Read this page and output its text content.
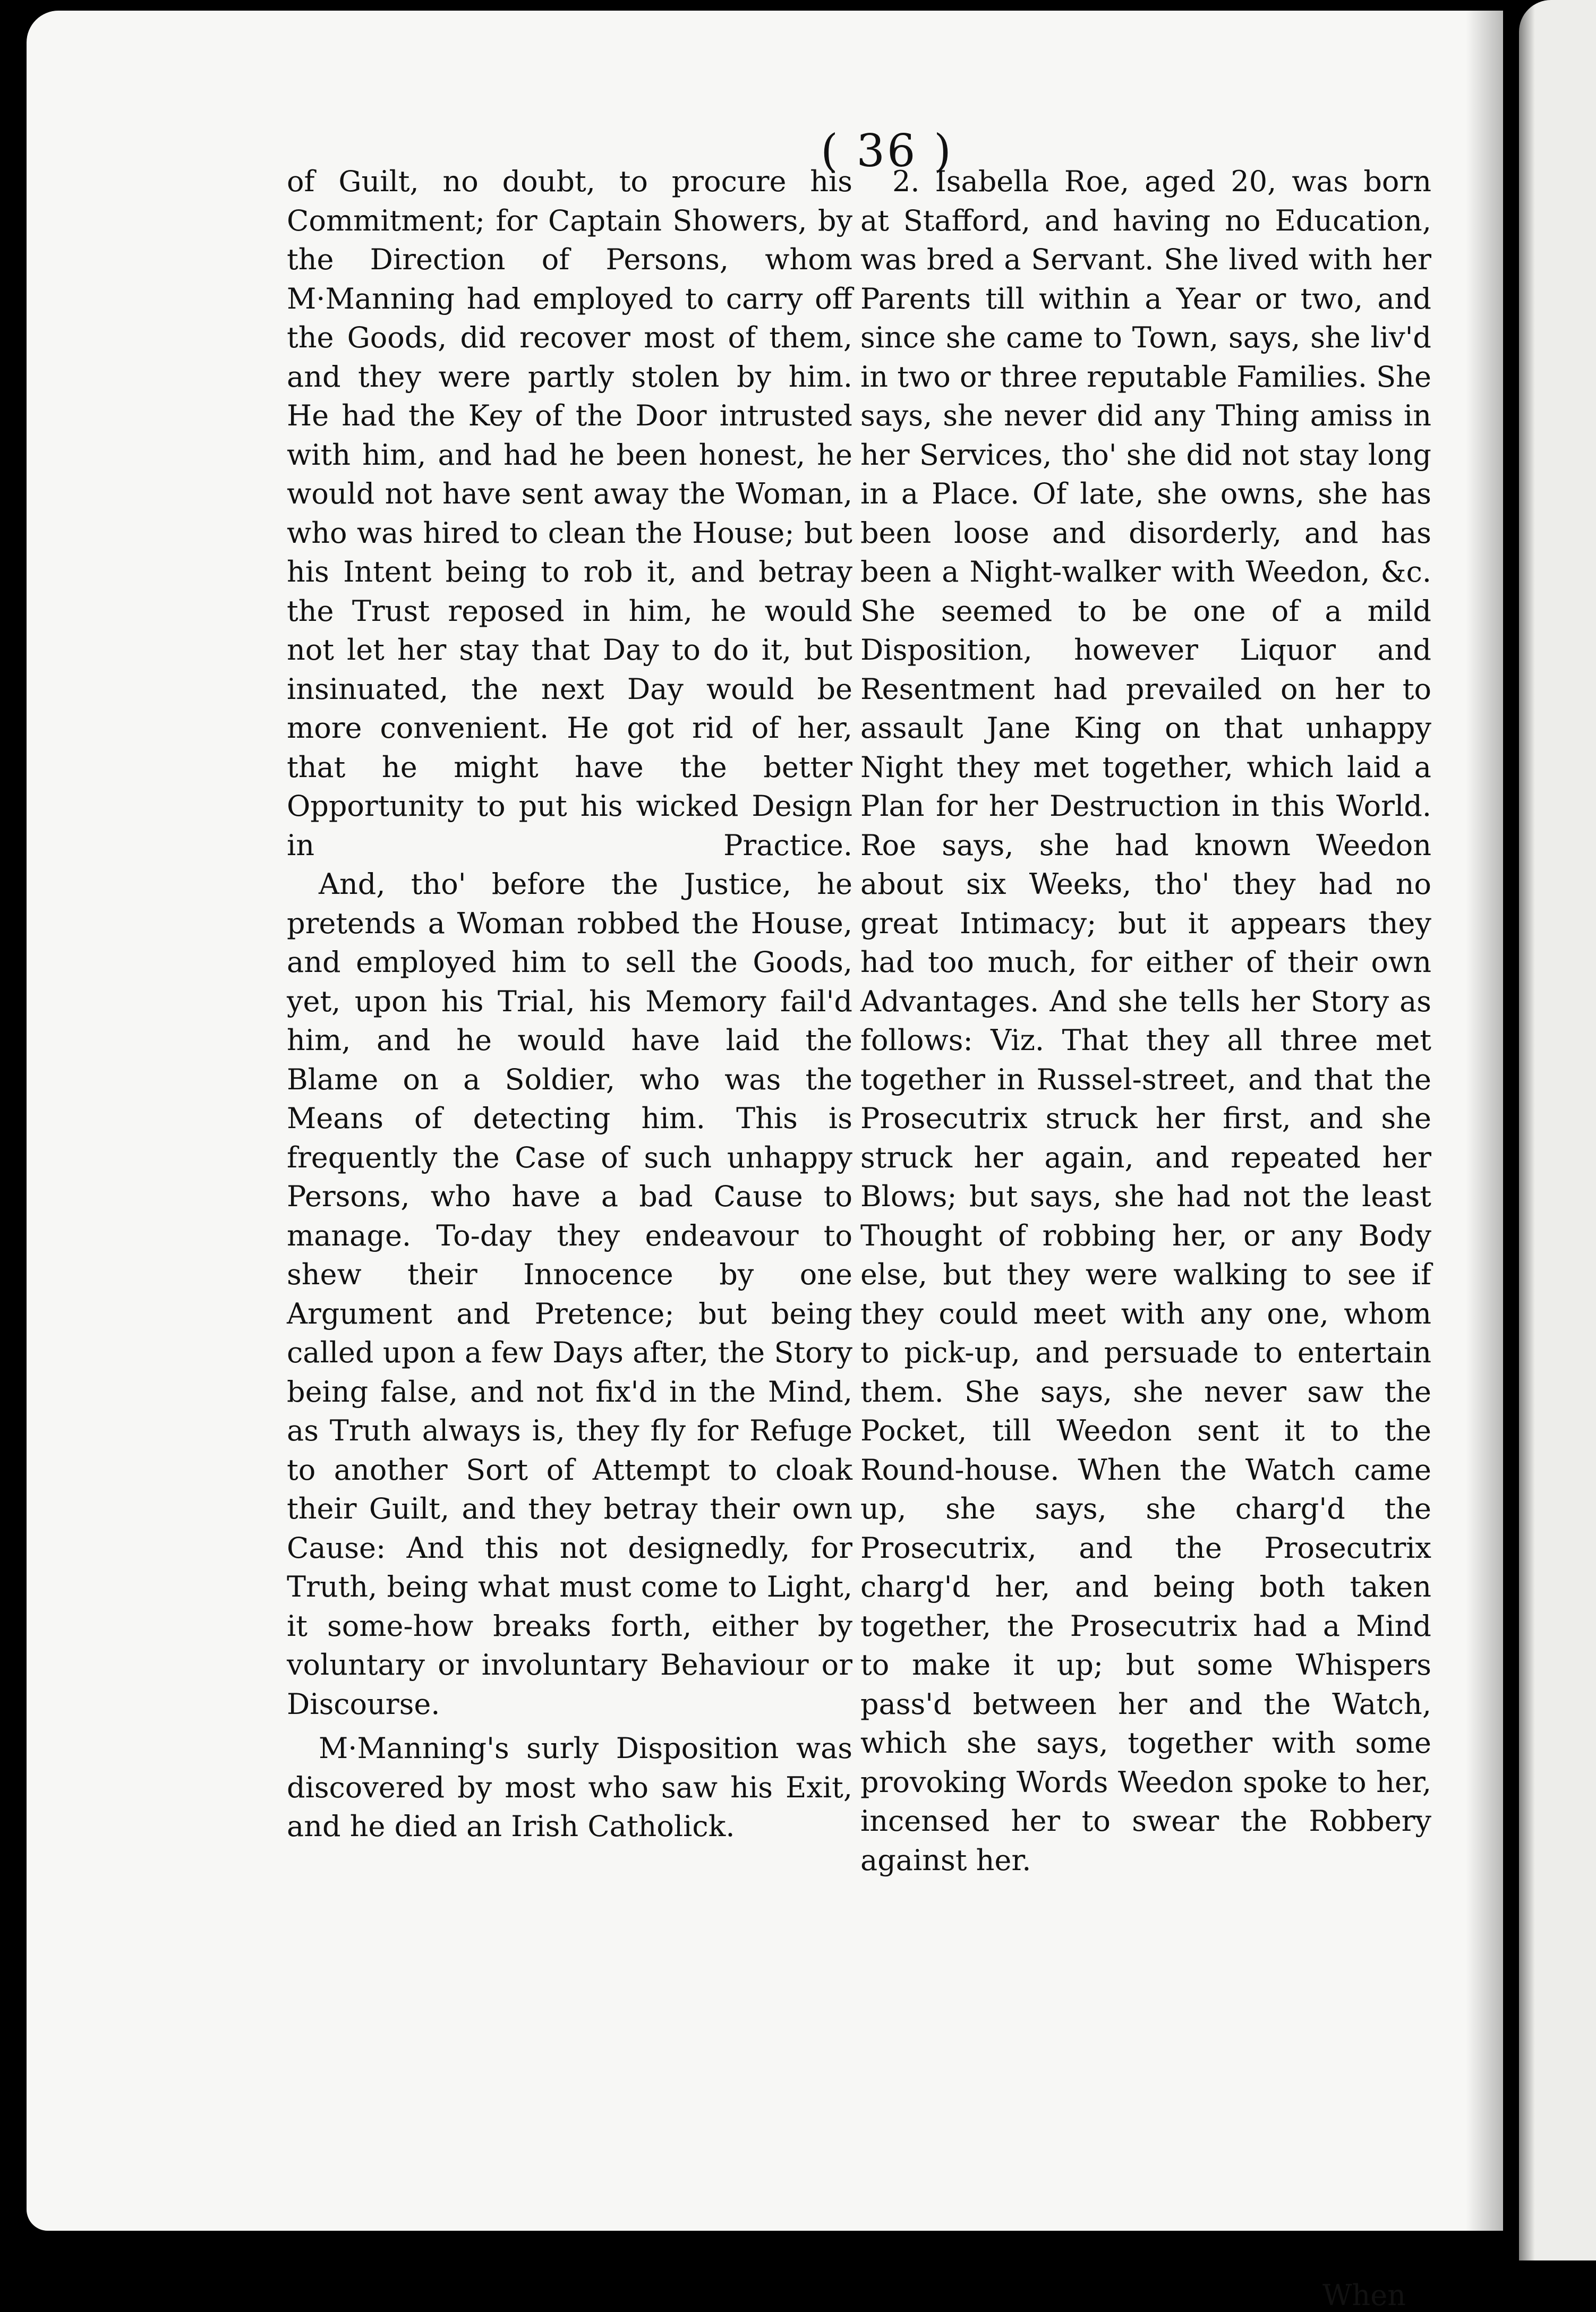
( 36 )

of Guilt, no doubt, to procure his Commitment; for Captain Showers, by the Direction of Persons, whom M·Manning had employed to carry off the Goods, did recover most of them, and they were partly stolen by him. He had the Key of the Door intrusted with him, and had he been honest, he would not have sent away the Woman, who was hired to clean the House; but his Intent being to rob it, and betray the Trust reposed in him, he would not let her stay that Day to do it, but insinuated, the next Day would be more convenient. He got rid of her, that he might have the better Opportunity to put his wicked Design in Practice.

And, tho' before the Justice, he pretends a Woman robbed the House, and employed him to sell the Goods, yet, upon his Trial, his Memory fail'd him, and he would have laid the Blame on a Soldier, who was the Means of detecting him. This is frequently the Case of such unhappy Persons, who have a bad Cause to manage. To-day they endeavour to shew their Innocence by one Argument and Pretence; but being called upon a few Days after, the Story being false, and not fix'd in the Mind, as Truth always is, they fly for Refuge to another Sort of Attempt to cloak their Guilt, and they betray their own Cause: And this not designedly, for Truth, being what must come to Light, it some-how breaks forth, either by voluntary or involuntary Behaviour or Discourse.

M·Manning's surly Disposition was discovered by most who saw his Exit, and he died an Irish Catholick.

2. Isabella Roe, aged 20, was born at Stafford, and having no Education, was bred a Servant. She lived with her Parents till within a Year or two, and since she came to Town, says, she liv'd in two or three reputable Families. She says, she never did any Thing amiss in her Services, tho' she did not stay long in a Place. Of late, she owns, she has been loose and disorderly, and has been a Night-walker with Weedon, &c. She seemed to be one of a mild Disposition, however Liquor and Resentment had prevailed on her to assault Jane King on that unhappy Night they met together, which laid a Plan for her Destruction in this World. Roe says, she had known Weedon about six Weeks, tho' they had no great Intimacy; but it appears they had too much, for either of their own Advantages. And she tells her Story as follows: Viz. That they all three met together in Russel-street, and that the Prosecutrix struck her first, and she struck her again, and repeated her Blows; but says, she had not the least Thought of robbing her, or any Body else, but they were walking to see if they could meet with any one, whom to pick-up, and persuade to entertain them. She says, she never saw the Pocket, till Weedon sent it to the Round-house. When the Watch came up, she says, she charg'd the Prosecutrix, and the Prosecutrix charg'd her, and being both taken together, the Prosecutrix had a Mind to make it up; but some Whispers pass'd between her and the Watch, which she says, together with some provoking Words Weedon spoke to her, incensed her to swear the Robbery against her.

When
